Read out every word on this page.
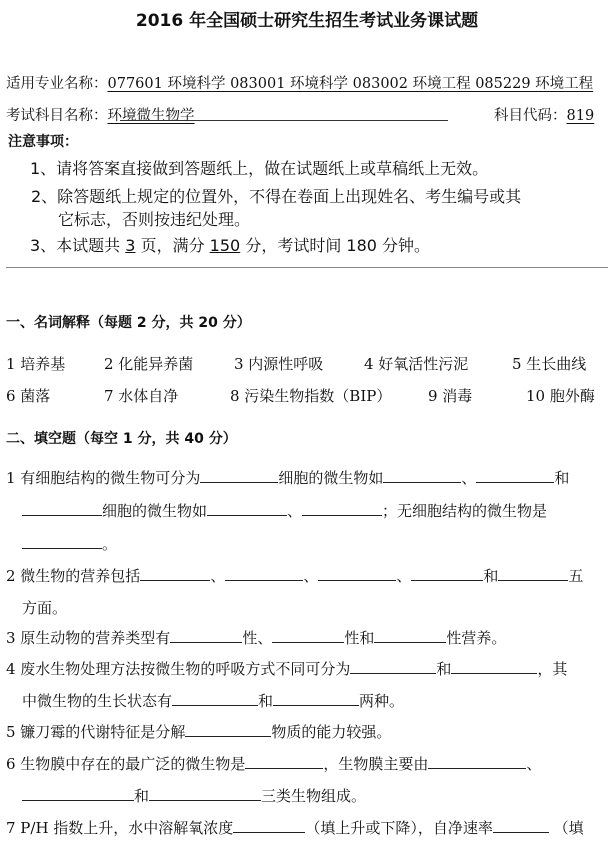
2016 年全国硕士研究生招生考试业务课试题
适用专业名称：077601 环境科学 083001 环境科学 083002 环境工程 085229 环境工程
考试科目名称：环境微生物学	科目代码：819
注意事项：
1、请将答案直接做到答题纸上，做在试题纸上或草稿纸上无效。
2、除答题纸上规定的位置外，不得在卷面上出现姓名、考生编号或其
它标志，否则按违纪处理。
3、本试题共 3 页，满分 150 分，考试时间 180 分钟。
一、名词解释（每题 2 分，共 20 分）
1 培养基	2 化能异养菌	3 内源性呼吸	4 好氧活性污泥	5 生长曲线
6 菌落	7 水体自净	8 污染生物指数（BIP） 9 消毒	10 胞外酶
二、填空题（每空 1 分，共 40 分）
1 有细胞结构的微生物可分为	细胞的微生物如	、	和
细胞的微生物如	、	；无细胞结构的微生物是
。
2 微生物的营养包括	、	、	、	和	五
方面。
3 原生动物的营养类型有	性、	性和	性营养。
4 废水生物处理方法按微生物的呼吸方式不同可分为	和	，其
中微生物的生长状态有	和	两种。
5 镰刀霉的代谢特征是分解	物质的能力较强。
6 生物膜中存在的最广泛的微生物是	，生物膜主要由	、
和	三类生物组成。
7 P/H 指数上升，水中溶解氧浓度	（填上升或下降），自净速率	（填
